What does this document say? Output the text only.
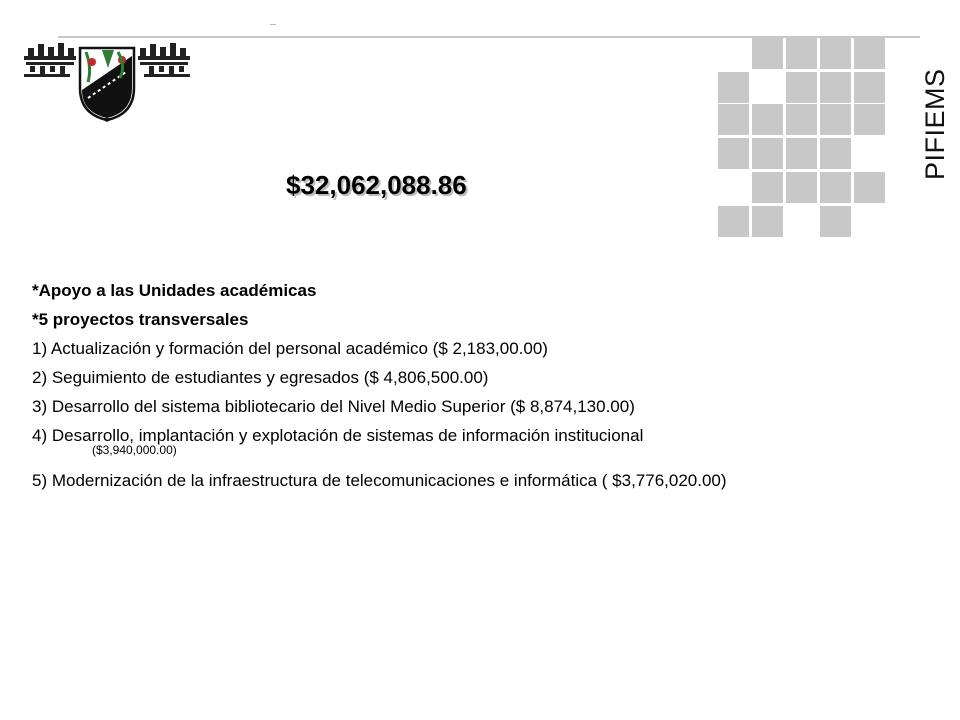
PIFIEMS
$32,062,088.86
*Apoyo a las Unidades académicas
*5 proyectos transversales
1) Actualización y formación del personal académico ($ 2,183,00.00)
2) Seguimiento de estudiantes y egresados ($ 4,806,500.00)
3) Desarrollo del sistema bibliotecario del Nivel Medio Superior ($ 8,874,130.00)
4) Desarrollo, implantación y explotación de sistemas de información institucional
($3,940,000.00)
5) Modernización de la infraestructura de telecomunicaciones e informática ( $3,776,020.00)
